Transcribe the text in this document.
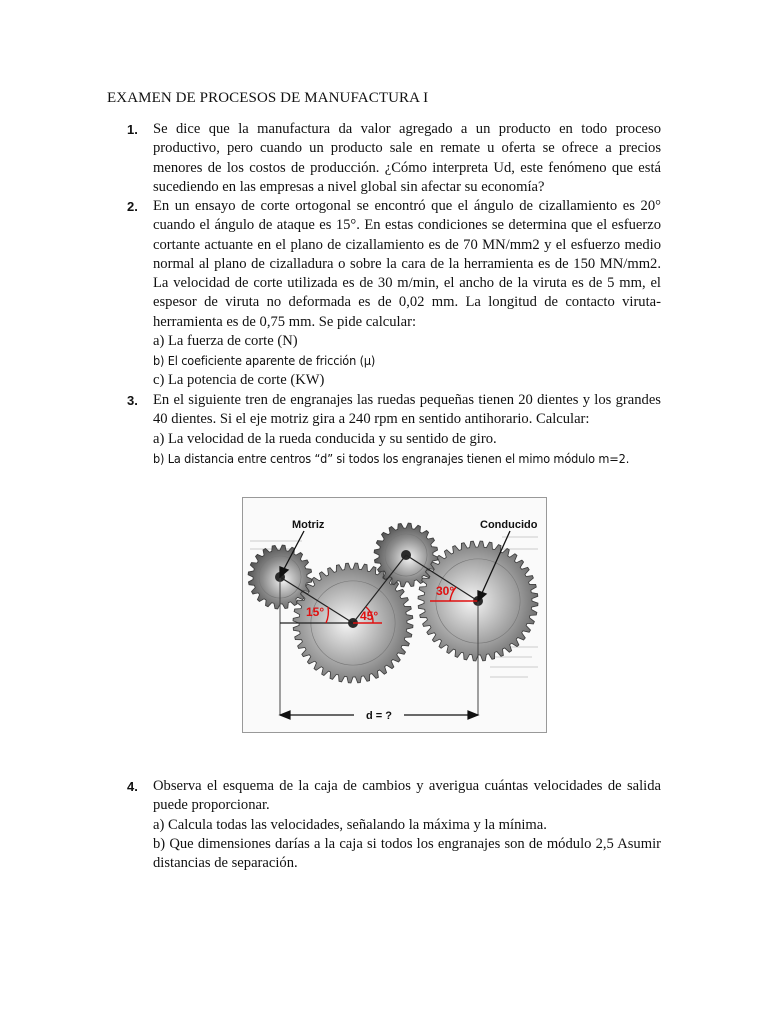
EXAMEN DE PROCESOS DE MANUFACTURA I
1. Se dice que la manufactura da valor agregado a un producto en todo proceso productivo, pero cuando un producto sale en remate u oferta se ofrece a precios menores de los costos de producción. ¿Cómo interpreta Ud, este fenómeno que está sucediendo en las empresas a nivel global sin afectar su economía?
2. En un ensayo de corte ortogonal se encontró que el ángulo de cizallamiento es 20° cuando el ángulo de ataque es 15°. En estas condiciones se determina que el esfuerzo cortante actuante en el plano de cizallamiento es de 70 MN/mm2 y el esfuerzo medio normal al plano de cizalladura o sobre la cara de la herramienta es de 150 MN/mm2. La velocidad de corte utilizada es de 30 m/min, el ancho de la viruta es de 5 mm, el espesor de viruta no deformada es de 0,02 mm. La longitud de contacto viruta-herramienta es de 0,75 mm. Se pide calcular:
a) La fuerza de corte (N)
b) El coeficiente aparente de fricción (μ)
c) La potencia de corte (KW)
3. En el siguiente tren de engranajes las ruedas pequeñas tienen 20 dientes y los grandes 40 dientes. Si el eje motriz gira a 240 rpm en sentido antihorario. Calcular:
a) La velocidad de la rueda conducida y su sentido de giro.
b) La distancia entre centros “d” si todos los engranajes tienen el mimo módulo m=2.
Motriz	Conducido
15°	45°
30°
d = ?
4. Observa el esquema de la caja de cambios y averigua cuántas velocidades de salida puede proporcionar.
a) Calcula todas las velocidades, señalando la máxima y la mínima.
b) Que dimensiones darías a la caja si todos los engranajes son de módulo 2,5 Asumir distancias de separación.
